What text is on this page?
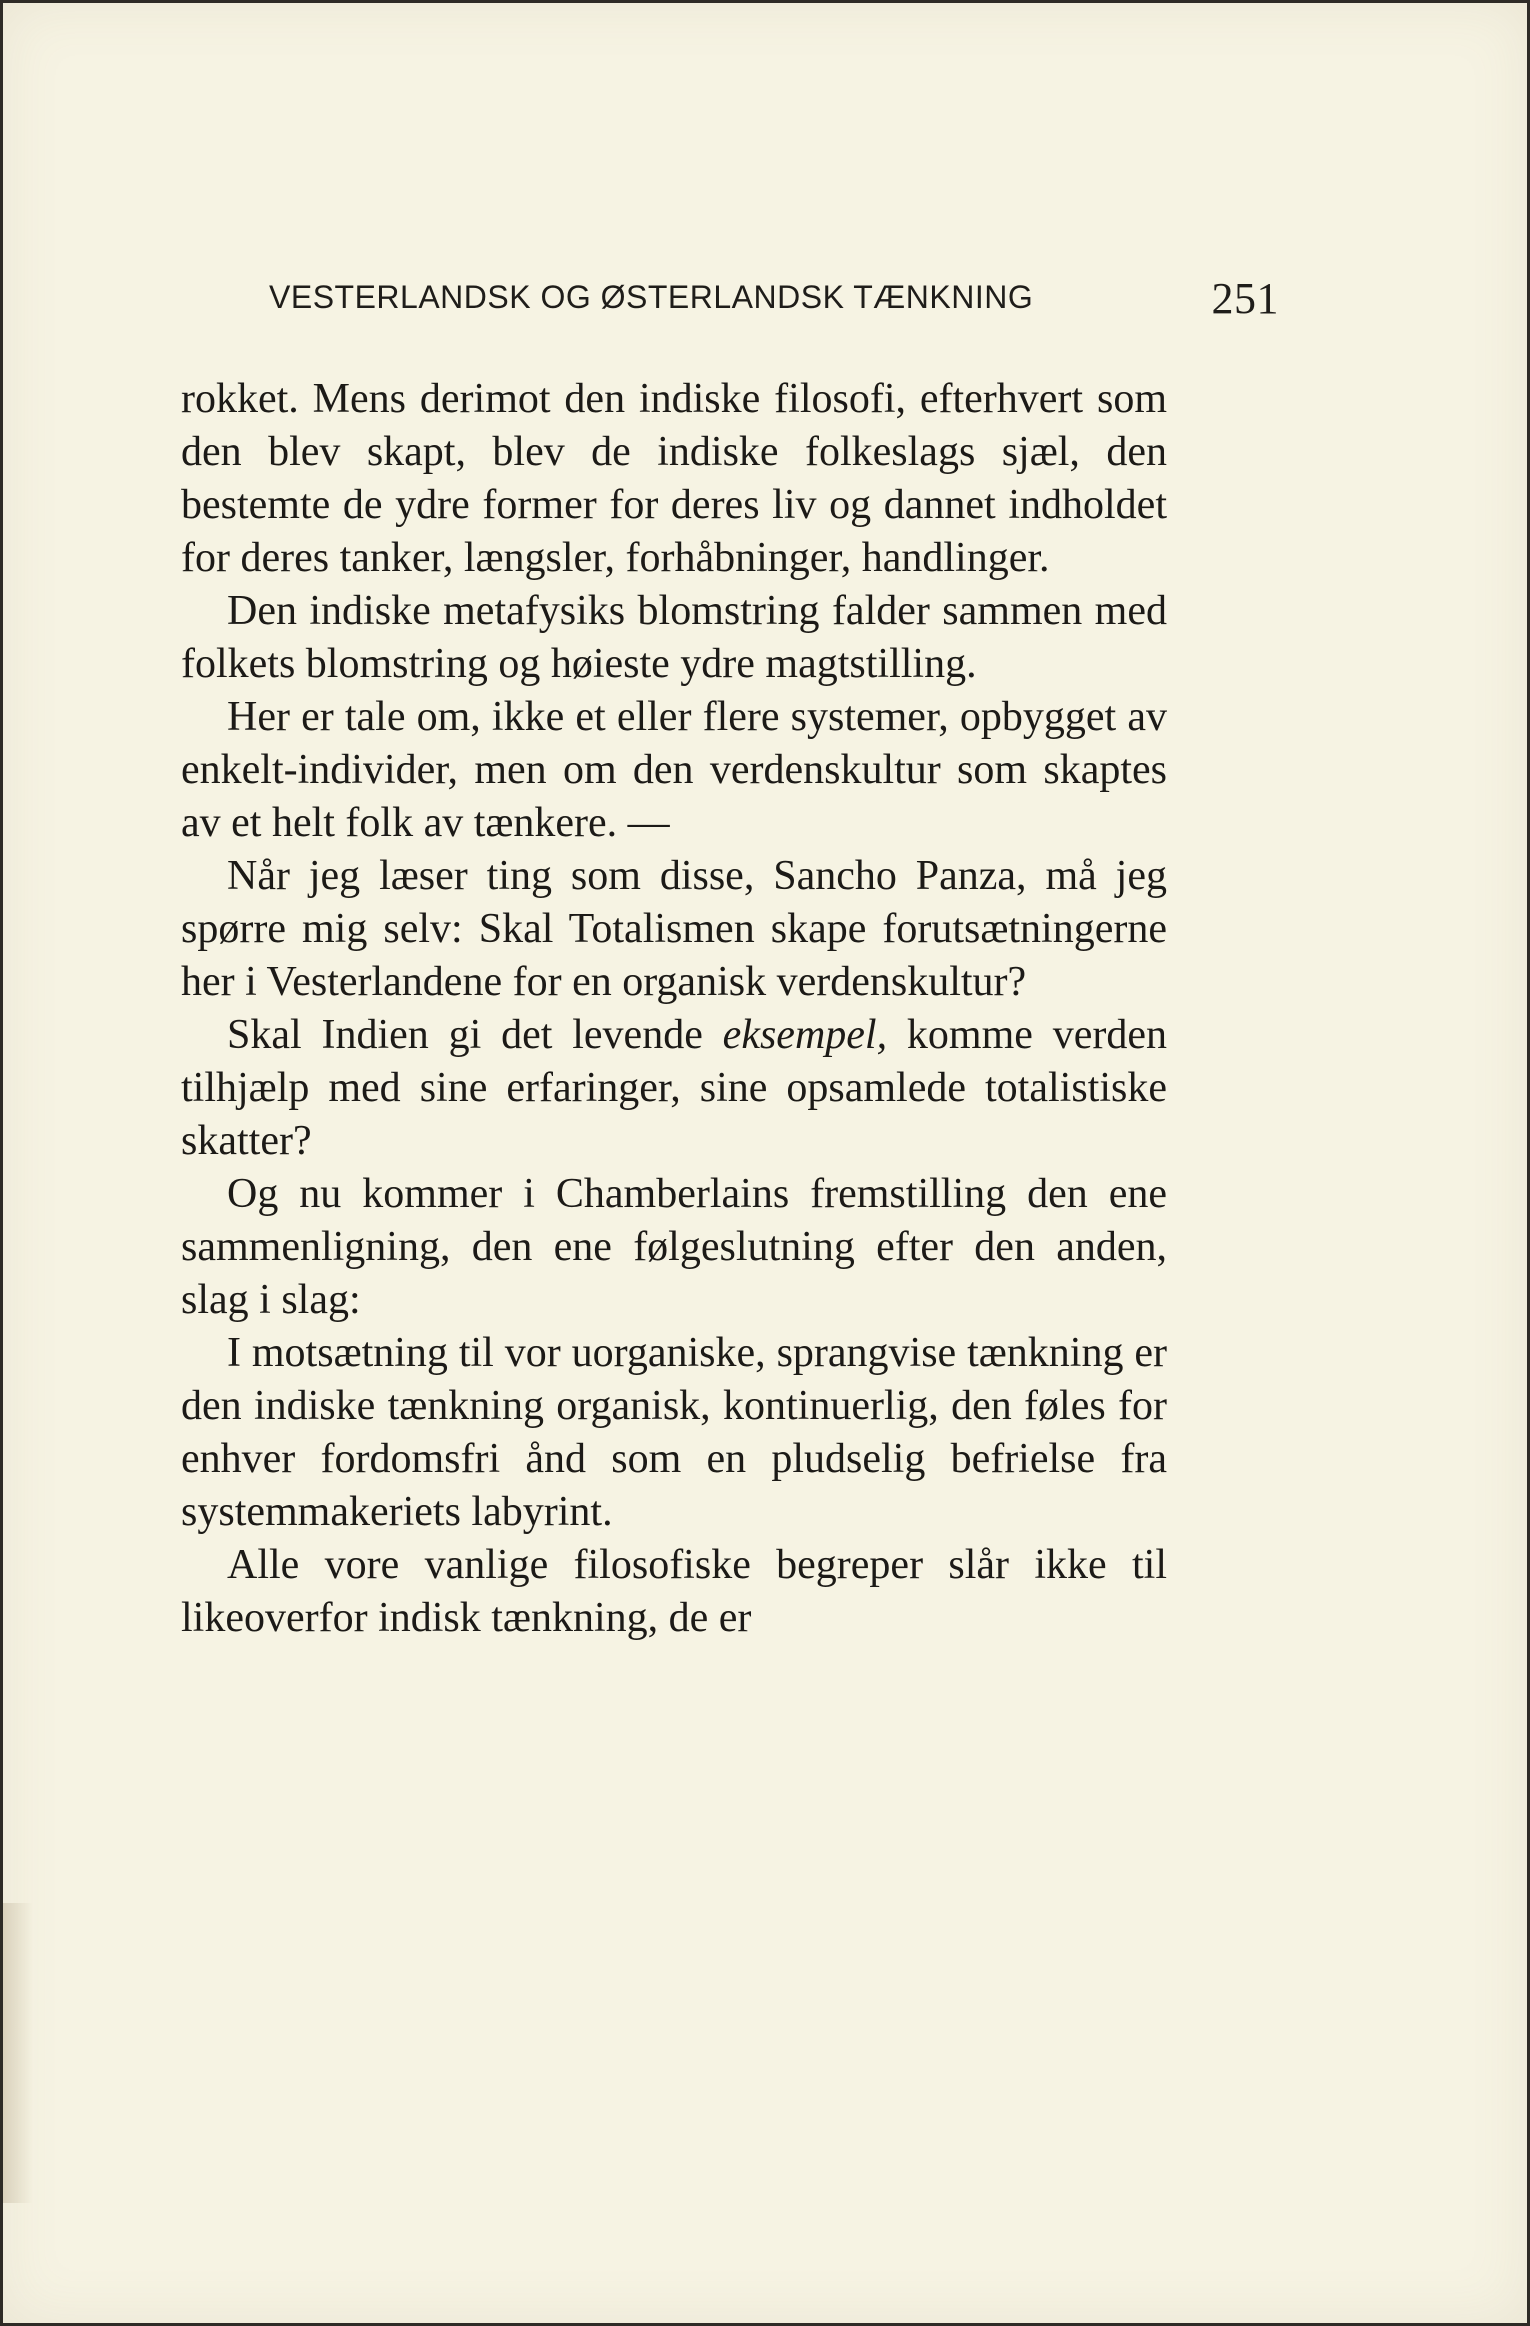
VESTERLANDSK OG ØSTERLANDSK TÆNKNING	251

rokket. Mens derimot den indiske filosofi, efterhvert som den blev skapt, blev de indiske folkeslags sjæl, den bestemte de ydre former for deres liv og dannet indholdet for deres tanker, længsler, forhåbninger, handlinger.

Den indiske metafysiks blomstring falder sammen med folkets blomstring og høieste ydre magtstilling.

Her er tale om, ikke et eller flere systemer, opbygget av enkelt-individer, men om den verdenskultur som skaptes av et helt folk av tænkere. —

Når jeg læser ting som disse, Sancho Panza, må jeg spørre mig selv: Skal Totalismen skape forutsætningerne her i Vesterlandene for en organisk verdenskultur?

Skal Indien gi det levende eksempel, komme verden tilhjælp med sine erfaringer, sine opsamlede totalistiske skatter?

Og nu kommer i Chamberlains fremstilling den ene sammenligning, den ene følgeslutning efter den anden, slag i slag:

I motsætning til vor uorganiske, sprangvise tænkning er den indiske tænkning organisk, kontinuerlig, den føles for enhver fordomsfri ånd som en pludselig befrielse fra systemmakeriets labyrint.

Alle vore vanlige filosofiske begreper slår ikke til likeoverfor indisk tænkning, de er
